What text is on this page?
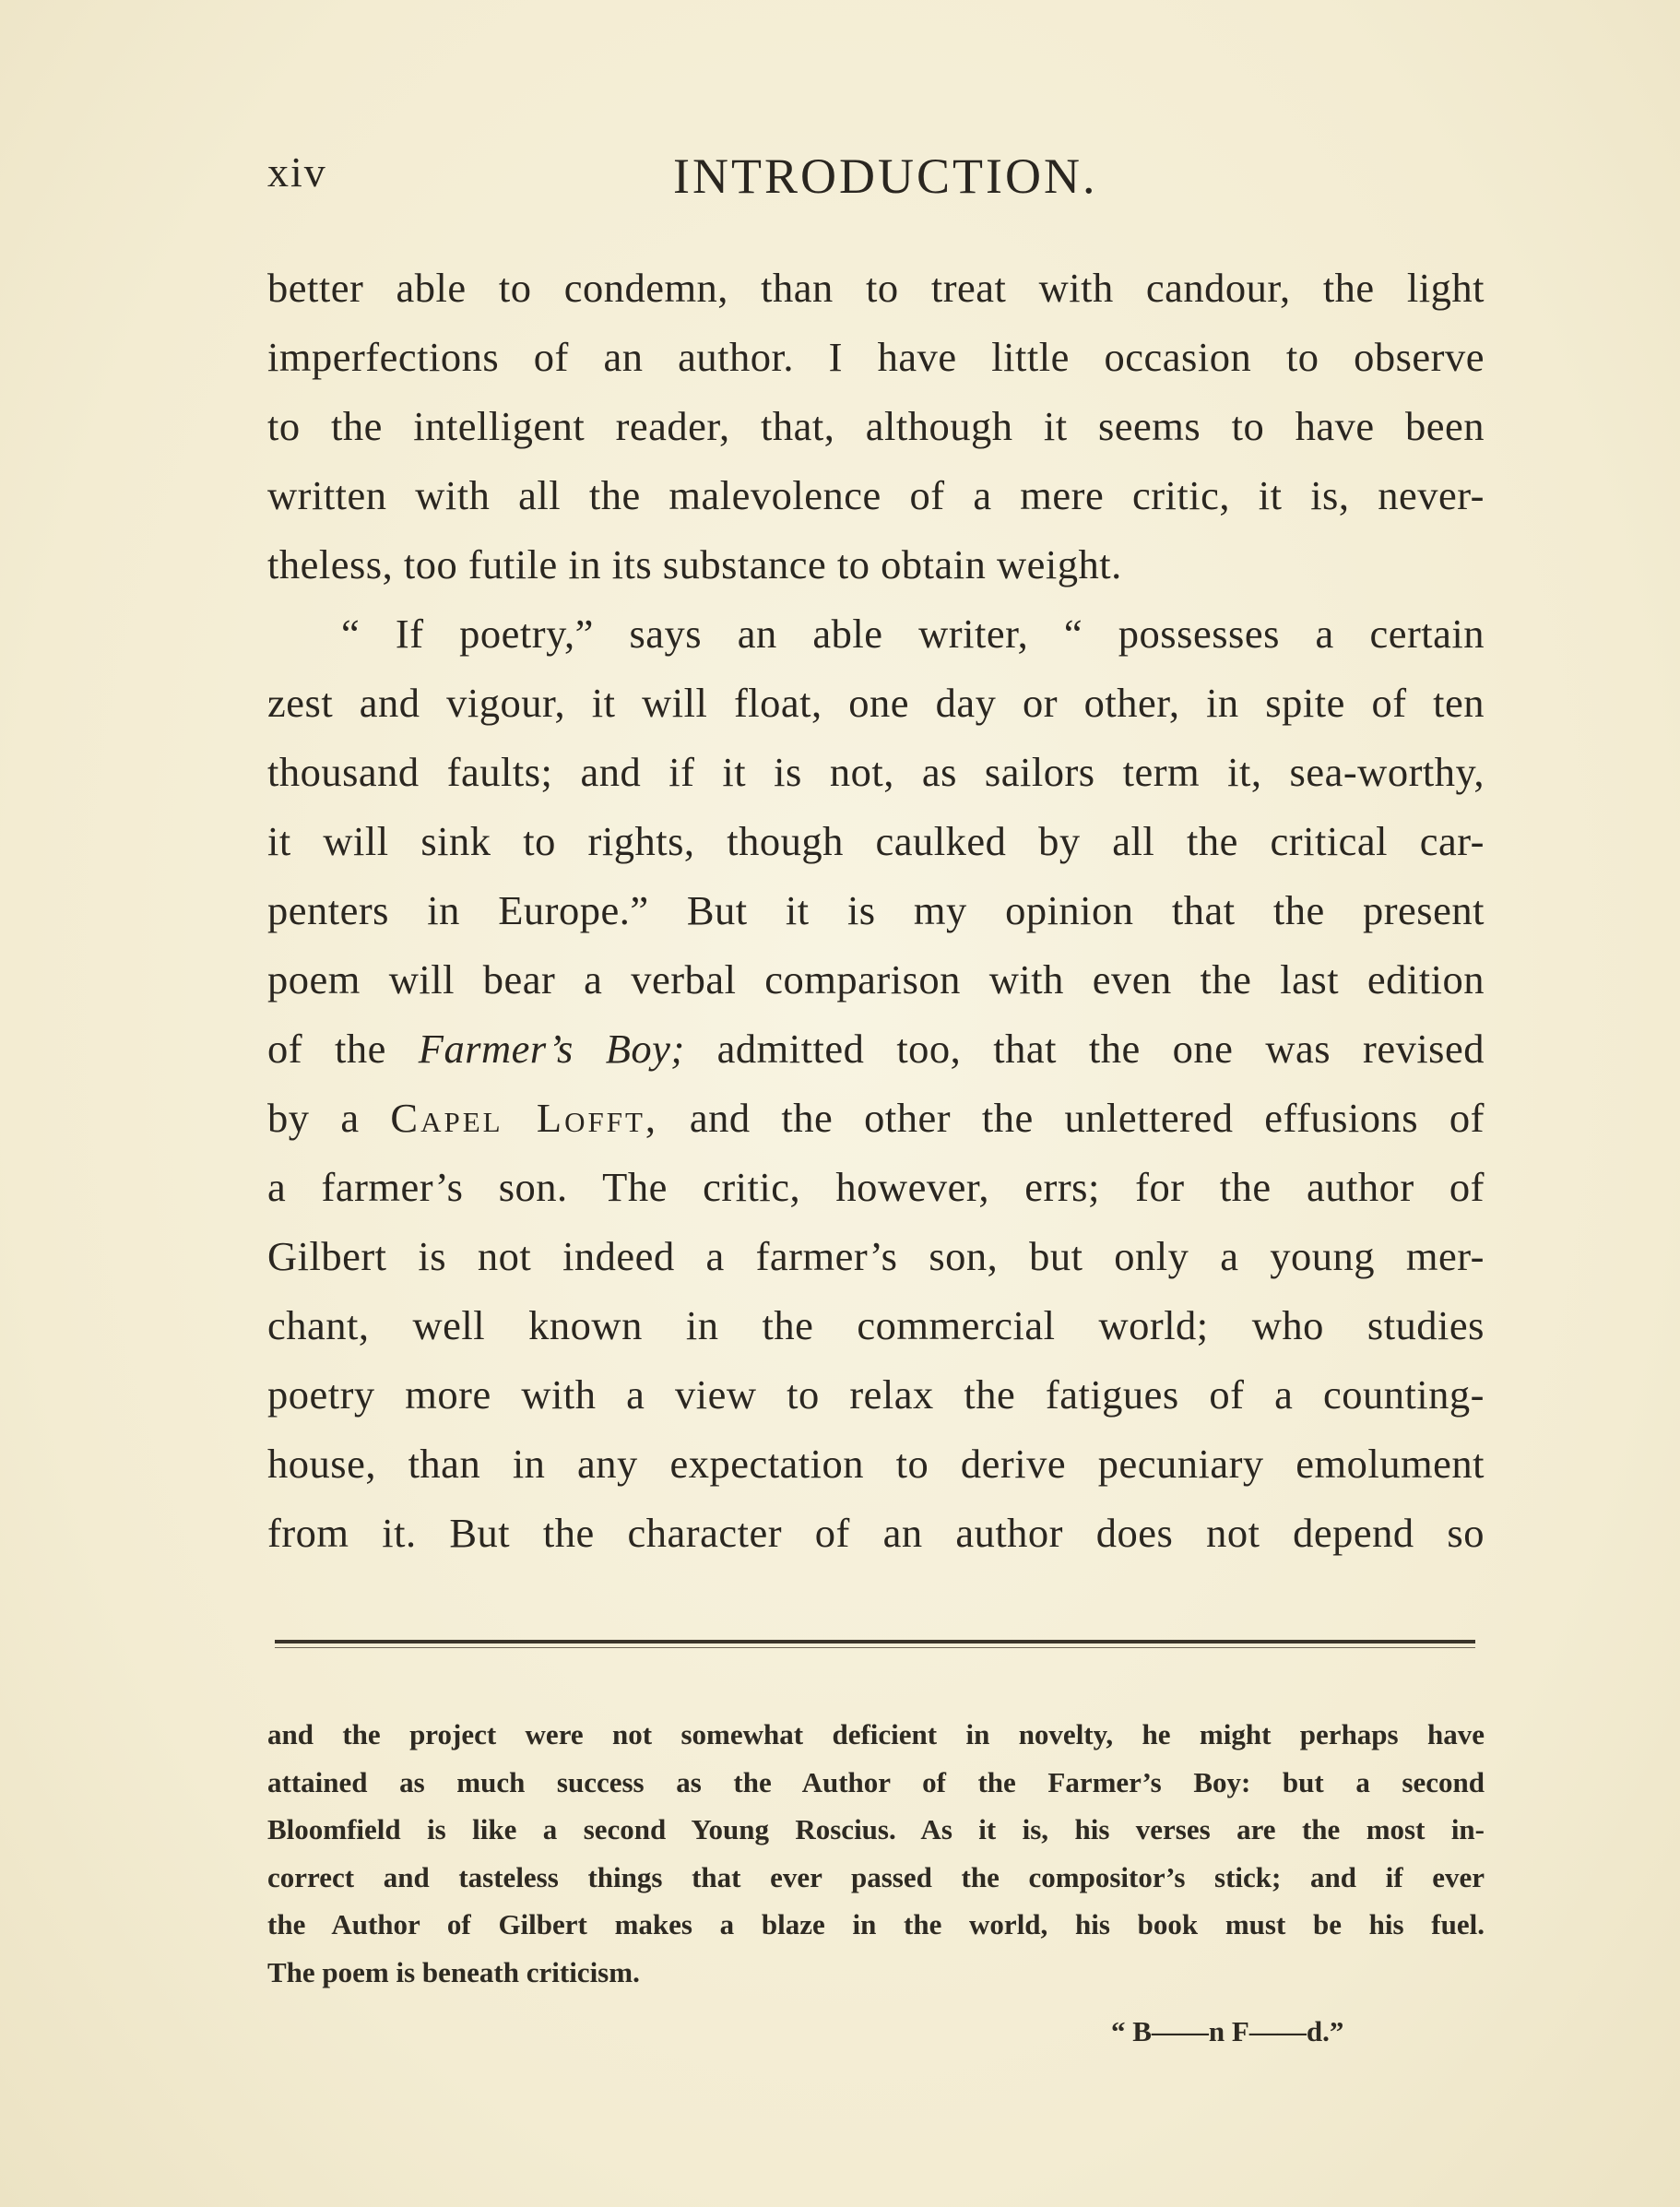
xiv	INTRODUCTION.
better able to condemn, than to treat with candour, the light
imperfections of an author. I have little occasion to observe
to the intelligent reader, that, although it seems to have been
written with all the malevolence of a mere critic, it is, never-
theless, too futile in its substance to obtain weight.
“ If poetry,” says an able writer, “ possesses a certain
zest and vigour, it will float, one day or other, in spite of ten
thousand faults; and if it is not, as sailors term it, sea-worthy,
it will sink to rights, though caulked by all the critical car-
penters in Europe.” But it is my opinion that the present
poem will bear a verbal comparison with even the last edition
of the Farmer’s Boy; admitted too, that the one was revised
by a Capel Lofft, and the other the unlettered effusions of
a farmer’s son. The critic, however, errs; for the author of
Gilbert is not indeed a farmer’s son, but only a young mer-
chant, well known in the commercial world; who studies
poetry more with a view to relax the fatigues of a counting-
house, than in any expectation to derive pecuniary emolument
from it. But the character of an author does not depend so
and the project were not somewhat deficient in novelty, he might perhaps have
attained as much success as the Author of the Farmer’s Boy: but a second
Bloomfield is like a second Young Roscius. As it is, his verses are the most in-
correct and tasteless things that ever passed the compositor’s stick; and if ever
the Author of Gilbert makes a blaze in the world, his book must be his fuel.
The poem is beneath criticism.
“ B——n F——d.”
